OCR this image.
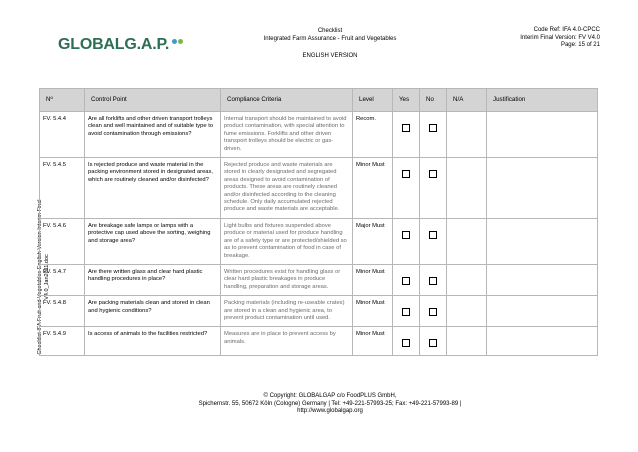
GLOBALG.A.P.
Checklist
Integrated Farm Assurance - Fruit and Vegetables
ENGLISH VERSION
Code Ref: IFA 4.0-CPCC
Interim Final Version: FV V4.0
Page: 15 of 21
Checklist IFA Fruit and Vegetables English Version Interim Final V4.0_Jan2011.doc
Nº	Control Point	Compliance Criteria	Level	Yes	No	N/A	Justification
FV. 5.4.4	Are all forklifts and other driven transport trolleys clean and well maintained and of suitable type to avoid contamination through emissions?	Internal transport should be maintained to avoid product contamination, with special attention to fume emissions. Forklifts and other driven transport trolleys should be electric or gas-driven.	Recom.				
FV. 5.4.5	Is rejected produce and waste material in the packing environment stored in designated areas, which are routinely cleaned and/or disinfected?	Rejected produce and waste materials are stored in clearly designated and segregated areas designed to avoid contamination of products. These areas are routinely cleaned and/or disinfected according to the cleaning schedule. Only daily accumulated rejected produce and waste materials are acceptable.	Minor Must				
FV. 5.4.6	Are breakage safe lamps or lamps with a protective cap used above the sorting, weighing and storage area?	Light bulbs and fixtures suspended above produce or material used for produce handling are of a safety type or are protected/shielded so as to prevent contamination of food in case of breakage.	Major Must				
FV. 5.4.7	Are there written glass and clear hard plastic handling procedures in place?	Written procedures exist for handling glass or clear hard plastic breakages in produce handling, preparation and storage areas.	Minor Must				
FV. 5.4.8	Are packing materials clean and stored in clean and hygienic conditions?	Packing materials (including re-useable crates) are stored in a clean and hygienic area, to prevent product contamination until used.	Minor Must				
FV. 5.4.9	Is access of animals to the facilities restricted?	Measures are in place to prevent access by animals.	Minor Must				
© Copyright: GLOBALGAP c/o FoodPLUS GmbH,
Spichernstr. 55, 50672 Köln (Cologne) Germany | Tel: +49-221-57993-25; Fax: +49-221-57993-89 |
http://www.globalgap.org
